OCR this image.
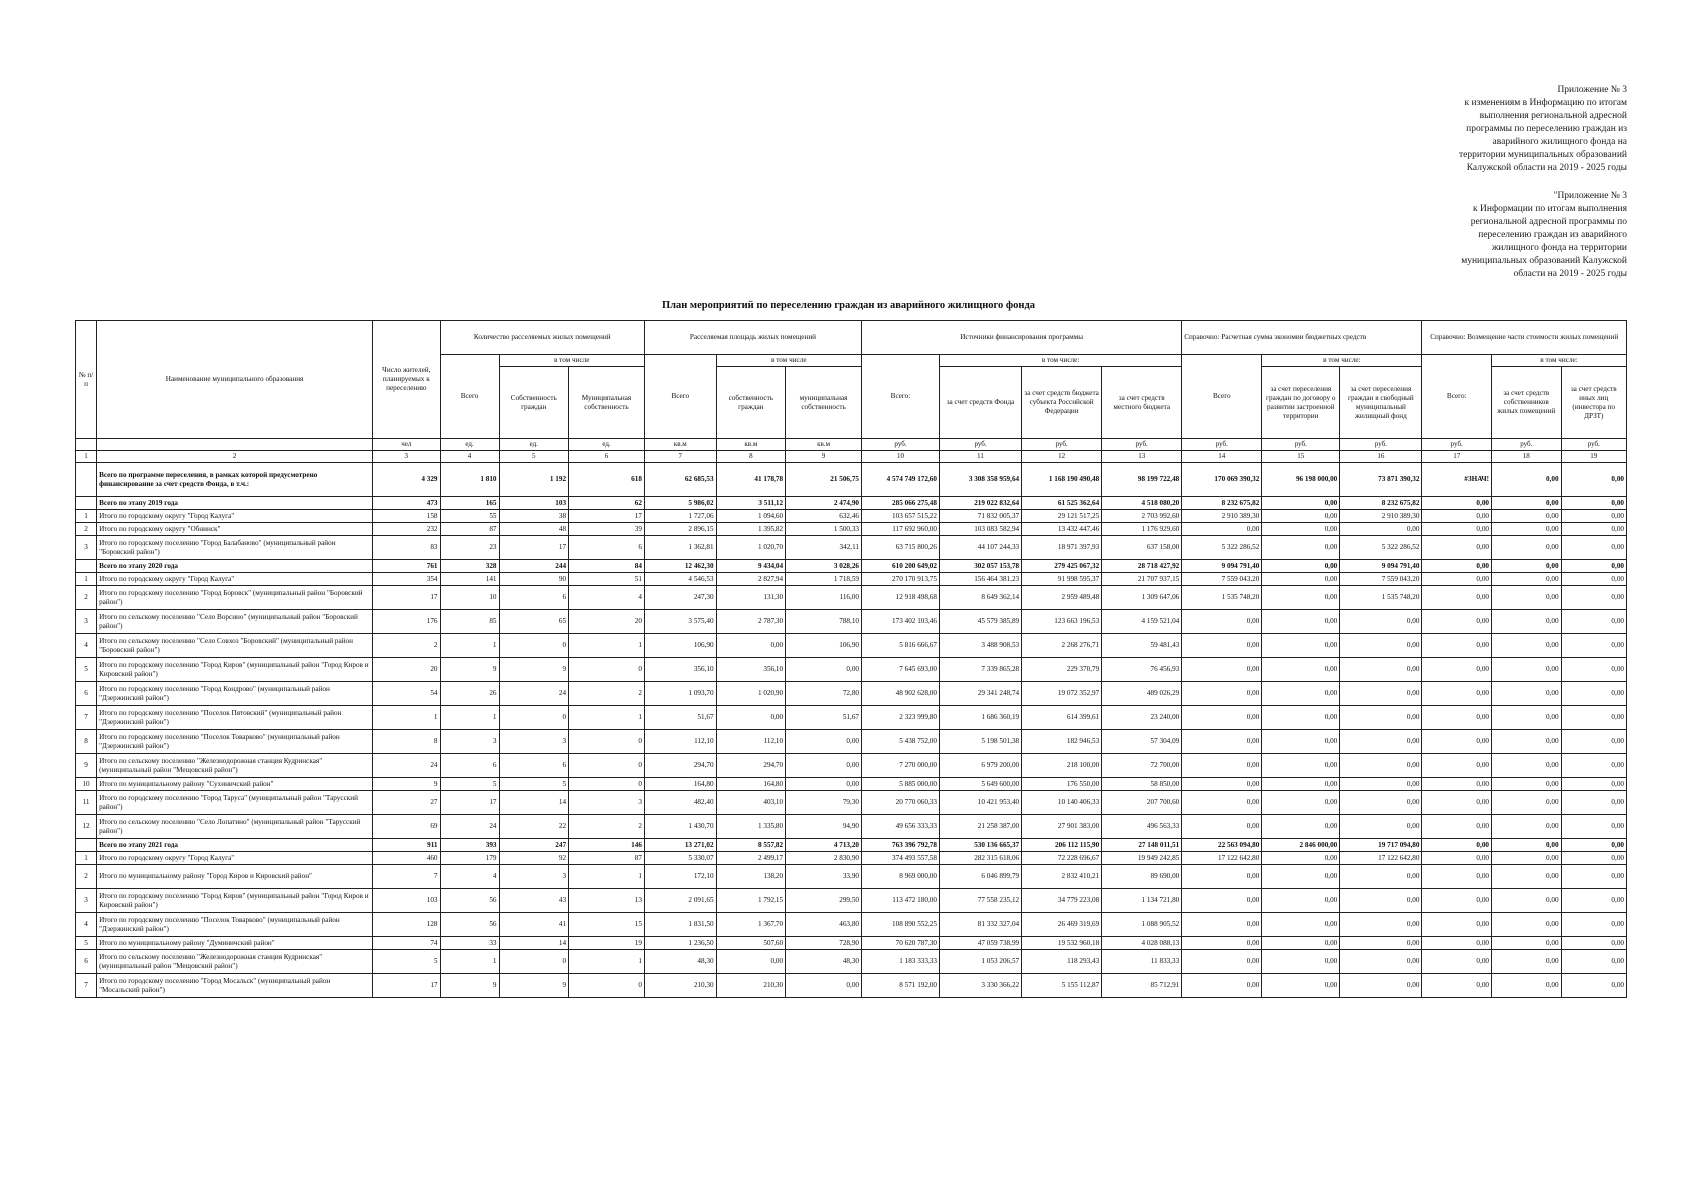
Приложение № 3
к изменениям в Информацию по итогам
выполнения региональной адресной
программы по переселению граждан из
аварийного жилищного фонда на
территории муниципальных образований
Калужской области на 2019 - 2025 годы
"Приложение № 3
к Информации по итогам выполнения
региональной адресной программы по
переселению граждан из аварийного
жилищного фонда на территории
муниципальных образований Калужской
области на 2019 - 2025 годы
План мероприятий по переселению граждан из аварийного жилищного фонда
№ п/п	Наименование муниципального образования	Число жителей, планируемых к переселению	Количество расселяемых жилых помещений			Расселяемая площадь жилых помещений			Источники финансирования программы				Справочно: Расчетная сумма экономии бюджетных средств			Справочно: Возмещение части стоимости жилых помещений		
			Всего	в том числе		Всего	в том числе		Всего:	в том числе:			Всего	в том числе:		Всего:	в том числе:	
				Собственность граждан	Муниципальная собственность		собственность граждан	муниципальная собственность		за счет средств Фонда	за счет средств бюджета субъекта Российской Федерации	за счет средств местного бюджета		за счет переселения граждан по договору о развитии застроенной территории	за счет переселения граждан в свободный муниципальный жилищный фонд		за счет средств собственников жилых помещений	за счет средств иных лиц (инвестора по ДРЗТ)
		чел	ед.	ед.	ед.	кв.м	кв.м	кв.м	руб.	руб.	руб.	руб.	руб.	руб.	руб.	руб.	руб.	руб.
1	2	3	4	5	6	7	8	9	10	11	12	13	14	15	16	17	18	19
	Всего по программе переселения, в рамках которой предусмотрено финансирование за счет средств Фонда, в т.ч.:	4 329	1 810	1 192	618	62 685,53	41 178,78	21 506,75	4 574 749 172,60	3 308 358 959,64	1 168 190 490,48	98 199 722,48	170 069 390,32	96 198 000,00	73 871 390,32	#ЗНАЧ!	0,00	0,00
	Всего по этапу 2019 года	473	165	103	62	5 986,02	3 511,12	2 474,90	285 066 275,48	219 022 832,64	61 525 362,64	4 518 080,20	8 232 675,82	0,00	8 232 675,82	0,00	0,00	0,00
1	Итого по городскому округу "Город Калуга"	158	55	38	17	1 727,06	1 094,60	632,46	103 657 515,22	71 832 005,37	29 121 517,25	2 703 992,60	2 910 389,30	0,00	2 910 389,30	0,00	0,00	0,00
2	Итого по городскому округу "Обнинск"	232	87	48	39	2 896,15	1 395,82	1 500,33	117 692 960,00	103 083 582,94	13 432 447,46	1 176 929,60	0,00	0,00	0,00	0,00	0,00	0,00
3	Итого по городскому поселению "Город Балабаново" (муниципальный район "Боровский район")	83	23	17	6	1 362,81	1 020,70	342,11	63 715 800,26	44 107 244,33	18 971 397,93	637 158,00	5 322 286,52	0,00	5 322 286,52	0,00	0,00	0,00
	Всего по этапу 2020 года	761	328	244	84	12 462,30	9 434,04	3 028,26	610 200 649,02	302 057 153,78	279 425 067,32	28 718 427,92	9 094 791,40	0,00	9 094 791,40	0,00	0,00	0,00
1	Итого по городскому округу "Город Калуга"	354	141	90	51	4 546,53	2 827,94	1 718,59	270 170 913,75	156 464 381,23	91 998 595,37	21 707 937,15	7 559 043,20	0,00	7 559 043,20	0,00	0,00	0,00
2	Итого по городскому поселению "Город Боровск" (муниципальный район "Боровский район")	17	10	6	4	247,30	131,30	116,00	12 918 498,68	8 649 362,14	2 959 489,48	1 309 647,06	1 535 748,20	0,00	1 535 748,20	0,00	0,00	0,00
3	Итого по сельскому поселению "Село Ворсино" (муниципальный район "Боровский район")	176	85	65	20	3 575,40	2 787,30	788,10	173 402 103,46	45 579 385,89	123 663 196,53	4 159 521,04	0,00	0,00	0,00	0,00	0,00	0,00
4	Итого по сельскому поселению "Село Совхоз "Боровский" (муниципальный район "Боровский район")	2	1	0	1	106,90	0,00	106,90	5 816 666,67	3 488 908,53	2 268 276,71	59 481,43	0,00	0,00	0,00	0,00	0,00	0,00
5	Итого по городскому поселению "Город Киров" (муниципальный район "Город Киров и Кировский район")	20	9	9	0	356,10	356,10	0,00	7 645 693,00	7 339 865,28	229 370,79	76 456,93	0,00	0,00	0,00	0,00	0,00	0,00
6	Итого по городскому поселению "Город Кондрово" (муниципальный район "Дзержинский район")	54	26	24	2	1 093,70	1 020,90	72,80	48 902 628,00	29 341 248,74	19 072 352,97	489 026,29	0,00	0,00	0,00	0,00	0,00	0,00
7	Итого по городскому поселению "Поселок Пятовский" (муниципальный район "Дзержинский район")	1	1	0	1	51,67	0,00	51,67	2 323 999,80	1 686 360,19	614 399,61	23 240,00	0,00	0,00	0,00	0,00	0,00	0,00
8	Итого по городскому поселению "Поселок Товарково" (муниципальный район "Дзержинский район")	8	3	3	0	112,10	112,10	0,00	5 438 752,00	5 198 501,38	182 946,53	57 304,09	0,00	0,00	0,00	0,00	0,00	0,00
9	Итого по сельскому поселению "Железнодорожная станция Кудринская" (муниципальный район "Мещовский район")	24	6	6	0	294,70	294,70	0,00	7 270 000,00	6 979 200,00	218 100,00	72 700,00	0,00	0,00	0,00	0,00	0,00	0,00
10	Итого по муниципальному району "Сухиничский район"	9	5	5	0	164,80	164,80	0,00	5 885 000,00	5 649 600,00	176 550,00	58 850,00	0,00	0,00	0,00	0,00	0,00	0,00
11	Итого по городскому поселению "Город Таруса" (муниципальный район "Тарусский район")	27	17	14	3	482,40	403,10	79,30	20 770 060,33	10 421 953,40	10 140 406,33	207 700,60	0,00	0,00	0,00	0,00	0,00	0,00
12	Итого по сельскому поселению "Село Лопатино" (муниципальный район "Тарусский район")	69	24	22	2	1 430,70	1 335,80	94,90	49 656 333,33	21 258 387,00	27 901 383,00	496 563,33	0,00	0,00	0,00	0,00	0,00	0,00
	Всего по этапу 2021 года	911	393	247	146	13 271,02	8 557,82	4 713,20	763 396 792,78	530 136 665,37	206 112 115,90	27 148 011,51	22 563 094,80	2 846 000,00	19 717 094,80	0,00	0,00	0,00
1	Итого по городскому округу "Город Калуга"	460	179	92	87	5 330,07	2 499,17	2 830,90	374 493 557,58	282 315 618,06	72 228 696,67	19 949 242,85	17 122 642,80	0,00	17 122 642,80	0,00	0,00	0,00
2	Итого по муниципальному району "Город Киров и Кировский район"	7	4	3	1	172,10	138,20	33,90	8 969 000,00	6 046 899,79	2 832 410,21	89 690,00	0,00	0,00	0,00	0,00	0,00	0,00
3	Итого по городскому поселению "Город Киров" (муниципальный район "Город Киров и Кировский район")	103	56	43	13	2 091,65	1 792,15	299,50	113 472 180,00	77 558 235,12	34 779 223,08	1 134 721,80	0,00	0,00	0,00	0,00	0,00	0,00
4	Итого по городскому поселению "Поселок Товарково" (муниципальный район "Дзержинский район")	128	56	41	15	1 831,50	1 367,70	463,80	108 890 552,25	81 332 327,04	26 469 319,69	1 088 905,52	0,00	0,00	0,00	0,00	0,00	0,00
5	Итого по муниципальному району "Думиничский район"	74	33	14	19	1 236,50	507,60	728,90	70 620 787,30	47 059 738,99	19 532 960,18	4 028 088,13	0,00	0,00	0,00	0,00	0,00	0,00
6	Итого по сельскому поселению "Железнодорожная станция Кудринская" (муниципальный район "Мещовский район")	5	1	0	1	48,30	0,00	48,30	1 183 333,33	1 053 206,57	118 293,43	11 833,33	0,00	0,00	0,00	0,00	0,00	0,00
7	Итого по городскому поселению "Город Мосальск" (муниципальный район "Мосальский район")	17	9	9	0	210,30	210,30	0,00	8 571 192,00	3 330 366,22	5 155 112,87	85 712,91	0,00	0,00	0,00	0,00	0,00	0,00
